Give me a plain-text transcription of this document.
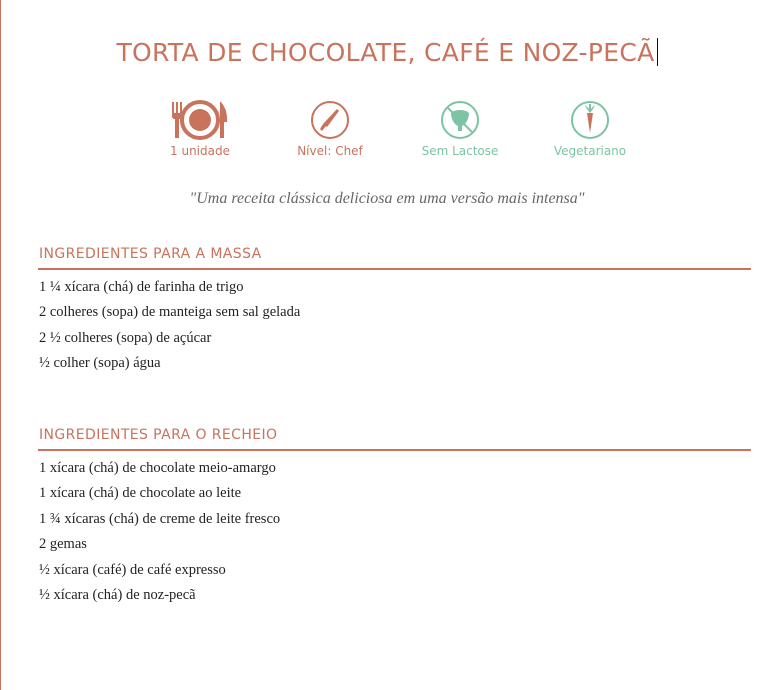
TORTA DE CHOCOLATE, CAFÉ E NOZ-PECÃ
1 unidade	Nível: Chef	Sem Lactose	Vegetariano
"Uma receita clássica deliciosa em uma versão mais intensa"
INGREDIENTES PARA A MASSA
1 ¼ xícara (chá) de farinha de trigo
2 colheres (sopa) de manteiga sem sal gelada
2 ½ colheres (sopa) de açúcar
½ colher (sopa) água
INGREDIENTES PARA O RECHEIO
1 xícara (chá) de chocolate meio-amargo
1 xícara (chá) de chocolate ao leite
1 ¾ xícaras (chá) de creme de leite fresco
2 gemas
½ xícara (café) de café expresso
½ xícara (chá) de noz-pecã
